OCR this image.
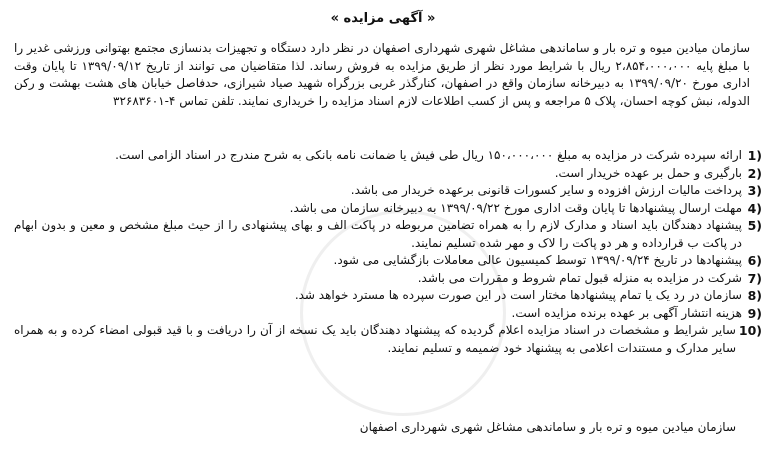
« آگهی مزایده »
سازمان میادین میوه و تره بار و ساماندهی مشاغل شهری شهرداری اصفهان در نظر دارد دستگاه و تجهیزات بدنسازی مجتمع بهتوانی ورزشی غدیر را با مبلغ پایه ۲،۸۵۴،۰۰۰،۰۰۰ ریال با شرایط مورد نظر از طریق مزایده به فروش رساند. لذا متقاضیان می توانند از تاریخ ۱۳۹۹/۰۹/۱۲ تا پایان وقت اداری مورخ ۱۳۹۹/۰۹/۲۰ به دبیرخانه سازمان واقع در اصفهان، کنارگذر غربی بزرگراه شهید صیاد شیرازی، حدفاصل خیابان های هشت بهشت و رکن الدوله، نبش کوچه احسان، پلاک ۵ مراجعه و پس از کسب اطلاعات لازم اسناد مزایده را خریداری نمایند. تلفن تماس ۴-۳۲۶۸۳۶۰۱
1)
ارائه سپرده شرکت در مزایده به مبلغ ۱۵۰،۰۰۰،۰۰۰ ریال طی فیش یا ضمانت نامه بانکی به شرح مندرج در اسناد الزامی است.
2)
بارگیری و حمل بر عهده خریدار است.
3)
پرداخت مالیات ارزش افزوده و سایر کسورات قانونی برعهده خریدار می باشد.
4)
مهلت ارسال پیشنهادها تا پایان وقت اداری مورخ ۱۳۹۹/۰۹/۲۲ به دبیرخانه سازمان می باشد.
5)
پیشنهاد دهندگان باید اسناد و مدارک لازم را به همراه تضامین مربوطه در پاکت الف و بهای پیشنهادی را از حیث مبلغ مشخص و معین و بدون ابهام در پاکت ب قرارداده و هر دو پاکت را لاک و مهر شده تسلیم نمایند.
6)
پیشنهادها در تاریخ ۱۳۹۹/۰۹/۲۴ توسط کمیسیون عالی معاملات بازگشایی می شود.
7)
شرکت در مزایده به منزله قبول تمام شروط و مقررات می باشد.
8)
سازمان در رد یک یا تمام پیشنهادها مختار است در این صورت سپرده ها مسترد خواهد شد.
9)
هزینه انتشار آگهی بر عهده برنده مزایده است.
10)
سایر شرایط و مشخصات در اسناد مزایده اعلام گردیده که پیشنهاد دهندگان باید یک نسخه از آن را دریافت و با قید قبولی امضاء کرده و به همراه سایر مدارک و مستندات اعلامی به پیشنهاد خود ضمیمه و تسلیم نمایند.
سازمان میادین میوه و تره بار و ساماندهی مشاغل شهری شهرداری اصفهان
